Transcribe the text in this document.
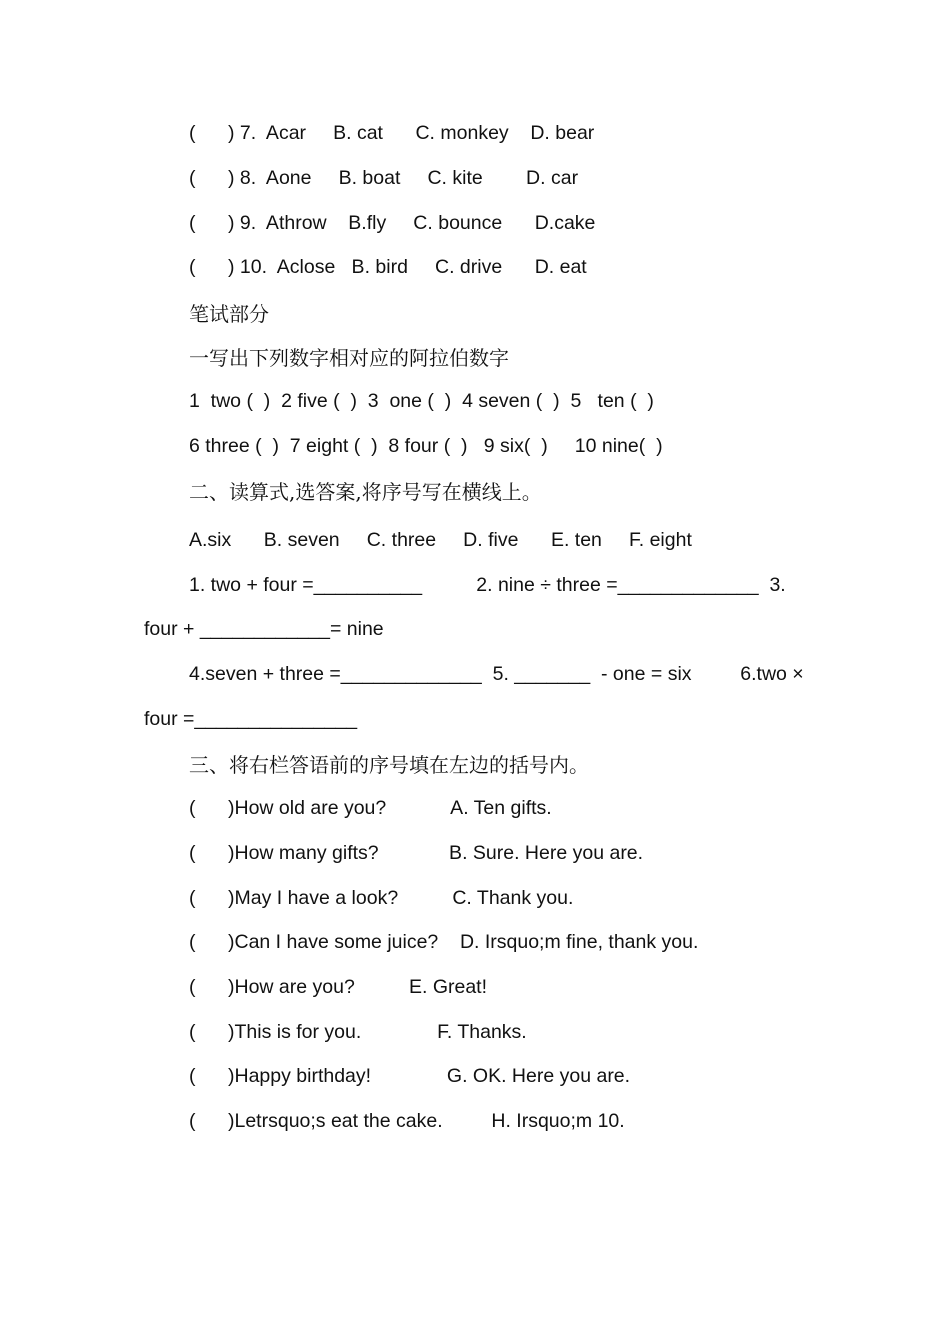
(      ) 7.  Acar     B. cat      C. monkey    D. bear
(      ) 8.  Aone     B. boat     C. kite        D. car
(      ) 9.  Athrow    B.fly     C. bounce      D.cake
(      ) 10.  Aclose   B. bird     C. drive      D. eat
笔试部分
一写出下列数字相对应的阿拉伯数字
1  two (  )  2 five (  )  3  one (  )  4 seven (  )  5   ten (  )
6 three (  )  7 eight (  )  8 four (  )   9 six(  )     10 nine(  )
二、读算式,选答案,将序号写在横线上。
A.six      B. seven     C. three     D. five      E. ten     F. eight
1. two + four =__________          2. nine ÷ three =_____________  3.
four + ____________= nine
4.seven + three =_____________  5. _______  - one = six         6.two ×
four =_______________
三、将右栏答语前的序号填在左边的括号内。
(      )How old are you?            A. Ten gifts.
(      )How many gifts?             B. Sure. Here you are.
(      )May I have a look?          C. Thank you.
(      )Can I have some juice?    D. Irsquo;m fine, thank you.
(      )How are you?          E. Great!
(      )This is for you.              F. Thanks.
(      )Happy birthday!              G. OK. Here you are.
(      )Letrsquo;s eat the cake.         H. Irsquo;m 10.
